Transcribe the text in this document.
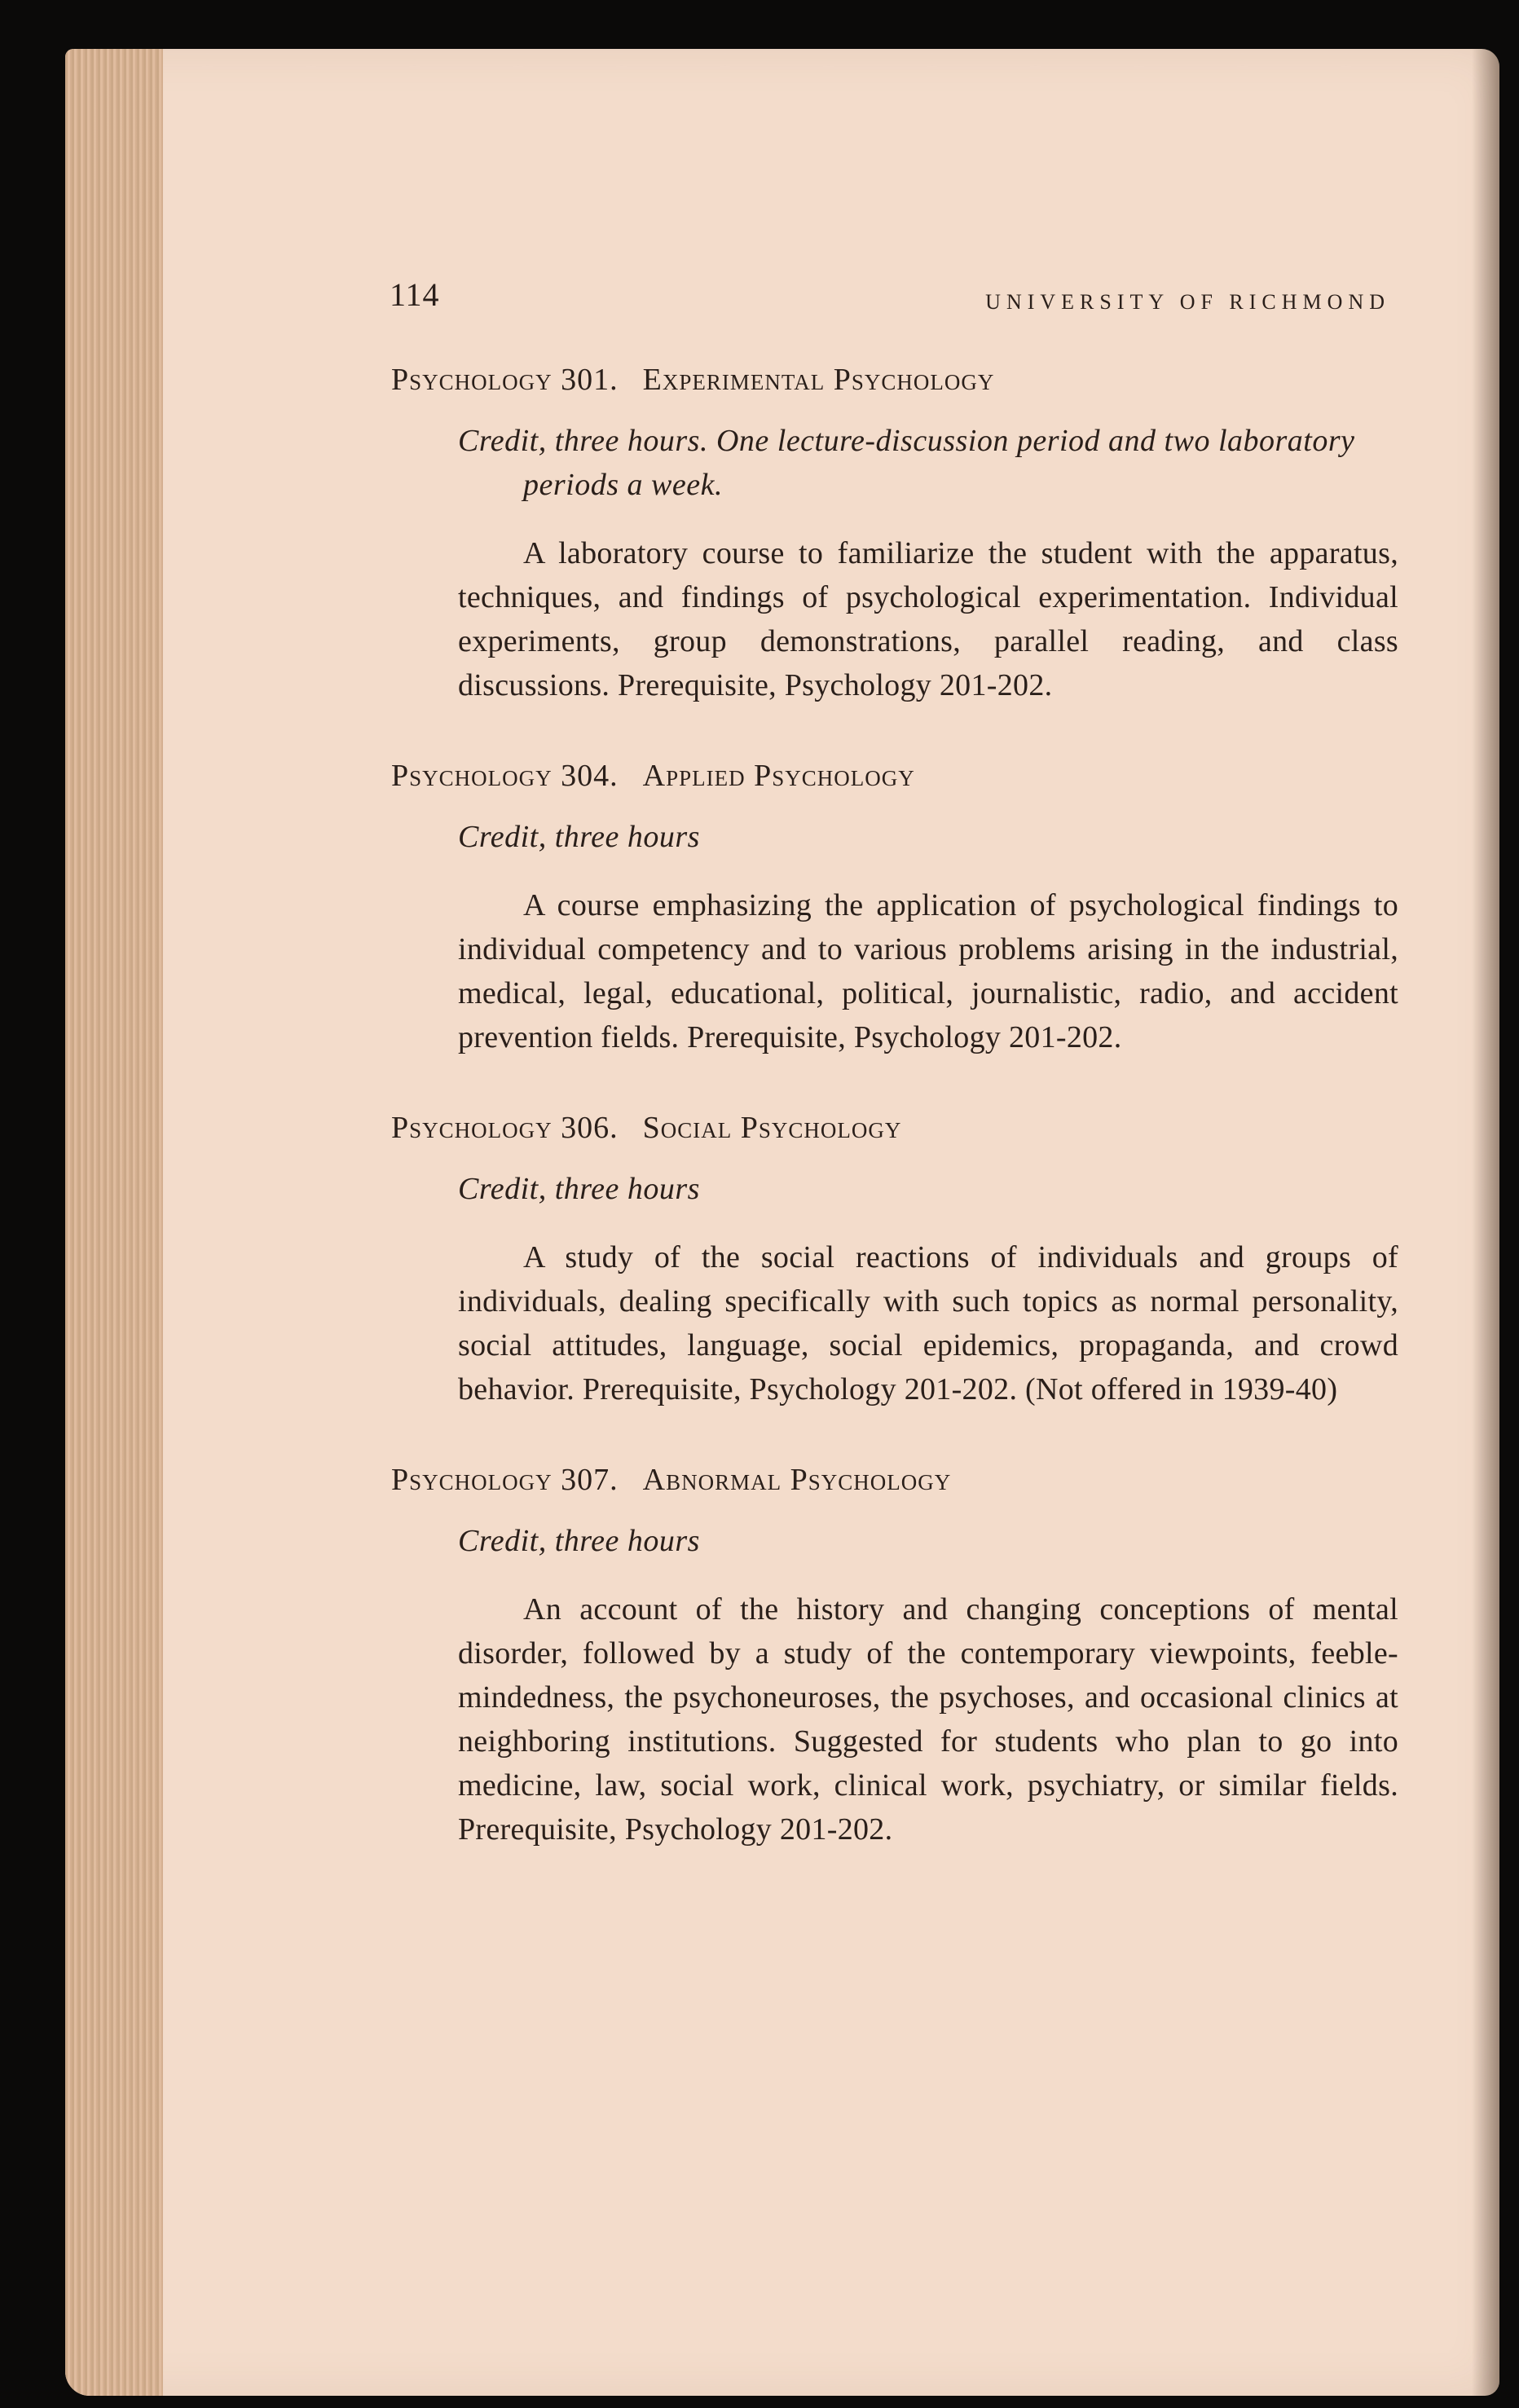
114	UNIVERSITY OF RICHMOND
Psychology 301. Experimental Psychology
Credit, three hours. One lecture-discussion period and two laboratory periods a week.
A laboratory course to familiarize the student with the apparatus, techniques, and findings of psychological experimentation. Individual experiments, group demonstrations, parallel reading, and class discussions. Prerequisite, Psychology 201-202.
Psychology 304. Applied Psychology
Credit, three hours
A course emphasizing the application of psychological findings to individual competency and to various problems arising in the industrial, medical, legal, educational, political, journalistic, radio, and accident prevention fields. Prerequisite, Psychology 201-202.
Psychology 306. Social Psychology
Credit, three hours
A study of the social reactions of individuals and groups of individuals, dealing specifically with such topics as normal personality, social attitudes, language, social epidemics, propaganda, and crowd behavior. Prerequisite, Psychology 201-202. (Not offered in 1939-40)
Psychology 307. Abnormal Psychology
Credit, three hours
An account of the history and changing conceptions of mental disorder, followed by a study of the contemporary viewpoints, feeble-mindedness, the psychoneuroses, the psychoses, and occasional clinics at neighboring institutions. Suggested for students who plan to go into medicine, law, social work, clinical work, psychiatry, or similar fields. Prerequisite, Psychology 201-202.
